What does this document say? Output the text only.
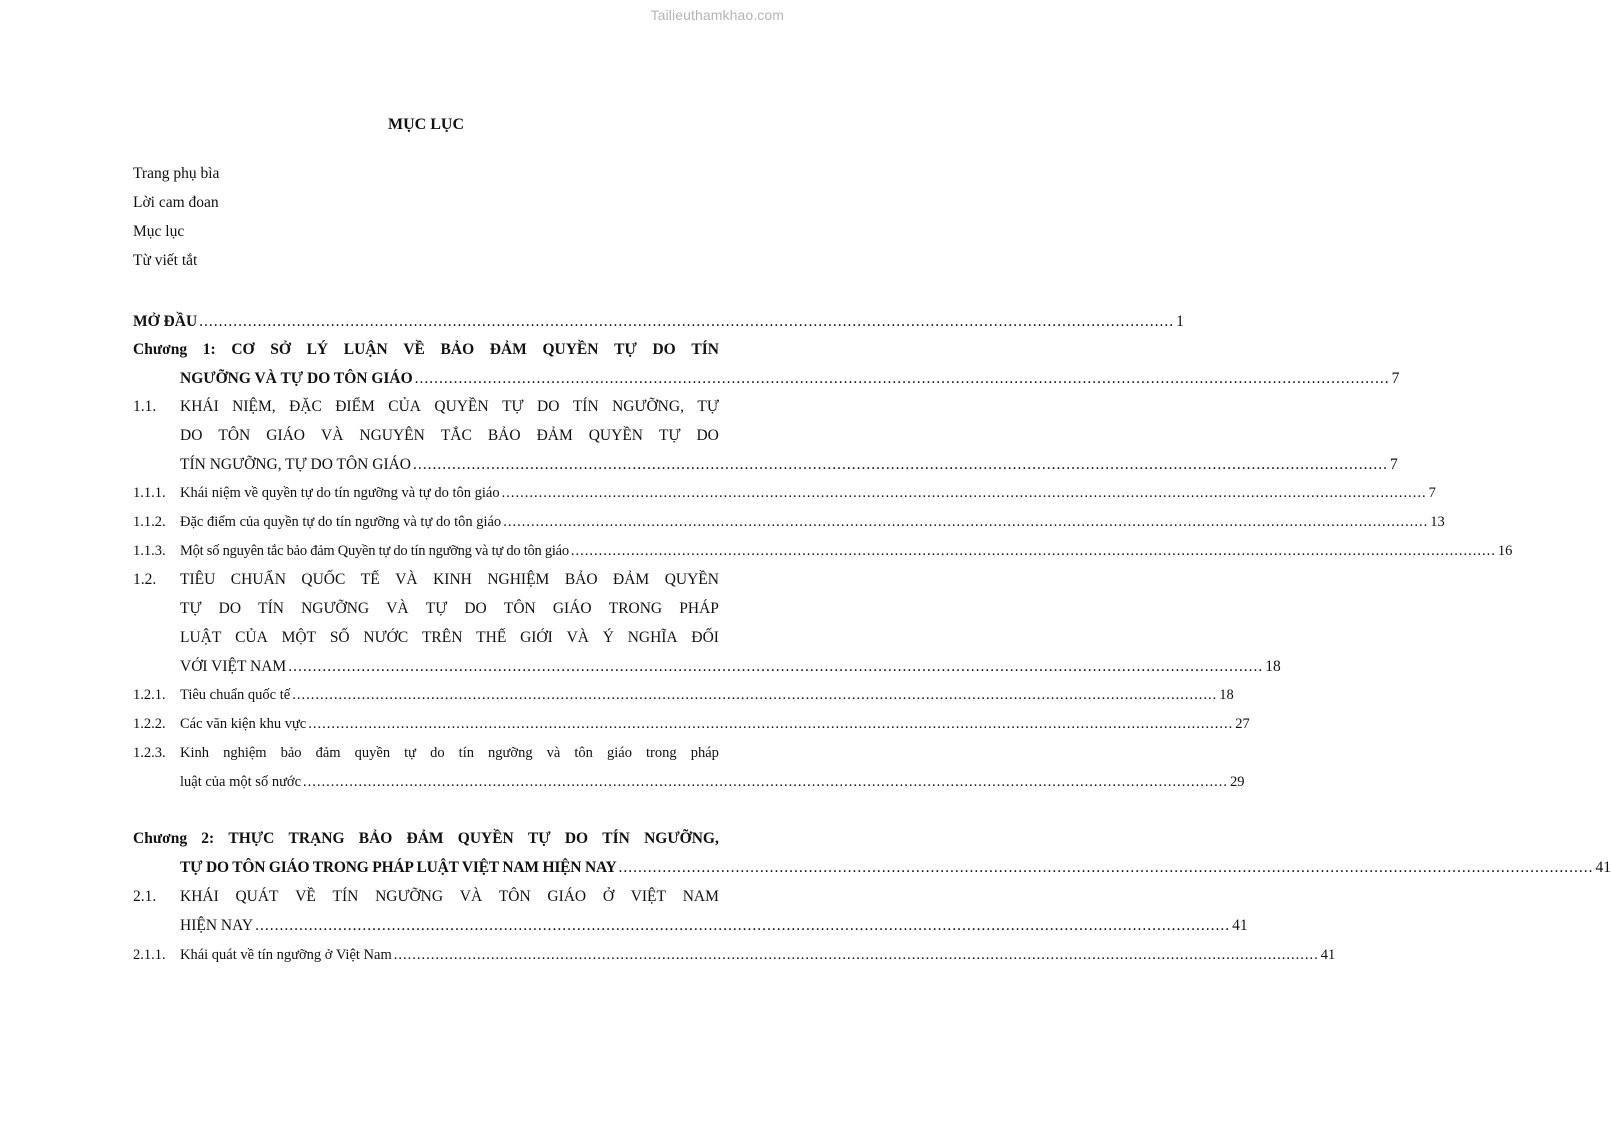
Tailieuthamkhao.com
MỤC LỤC
Trang phụ bìa
Lời cam đoan
Mục lục
Từ viết tắt
MỞ ĐẦU ........................................................................................................................................................................................................ 1
Chương 1: CƠ SỞ LÝ LUẬN VỀ BẢO ĐẢM QUYỀN TỰ DO TÍN
NGƯỠNG VÀ TỰ DO TÔN GIÁO ........................................................................................................................................................................................................ 7
1.1.	KHÁI NIỆM, ĐẶC ĐIỂM CỦA QUYỀN TỰ DO TÍN NGƯỠNG, TỰ
DO TÔN GIÁO VÀ NGUYÊN TẮC BẢO ĐẢM QUYỀN TỰ DO
TÍN NGƯỠNG, TỰ DO TÔN GIÁO ........................................................................................................................................................................................................ 7
1.1.1. Khái niệm về quyền tự do tín ngưỡng và tự do tôn giáo ........................................................................................................................................................................................................ 7
1.1.2. Đặc điểm của quyền tự do tín ngưỡng và tự do tôn giáo ........................................................................................................................................................................................................ 13
1.1.3. Một số nguyên tắc bảo đảm Quyền tự do tín ngưỡng và tự do tôn giáo ........................................................................................................................................................................................................ 16
1.2.	TIÊU CHUẨN QUỐC TẾ VÀ KINH NGHIỆM BẢO ĐẢM QUYỀN
TỰ DO TÍN NGƯỠNG VÀ TỰ DO TÔN GIÁO TRONG PHÁP
LUẬT CỦA MỘT SỐ NƯỚC TRÊN THẾ GIỚI VÀ Ý NGHĨA ĐỐI
VỚI VIỆT NAM ........................................................................................................................................................................................................ 18
1.2.1. Tiêu chuẩn quốc tế ........................................................................................................................................................................................................ 18
1.2.2. Các văn kiện khu vực ........................................................................................................................................................................................................ 27
1.2.3. Kinh nghiệm bảo đảm quyền tự do tín ngưỡng và tôn giáo trong pháp
luật của một số nước ........................................................................................................................................................................................................ 29
Chương 2: THỰC TRẠNG BẢO ĐẢM QUYỀN TỰ DO TÍN NGƯỠNG,
TỰ DO TÔN GIÁO TRONG PHÁP LUẬT VIỆT NAM HIỆN NAY ........................................................................................................................................................................................................ 41
2.1.	KHÁI QUÁT VỀ TÍN NGƯỠNG VÀ TÔN GIÁO Ở VIỆT NAM
HIỆN NAY ........................................................................................................................................................................................................ 41
2.1.1. Khái quát về tín ngưỡng ở Việt Nam ........................................................................................................................................................................................................ 41
